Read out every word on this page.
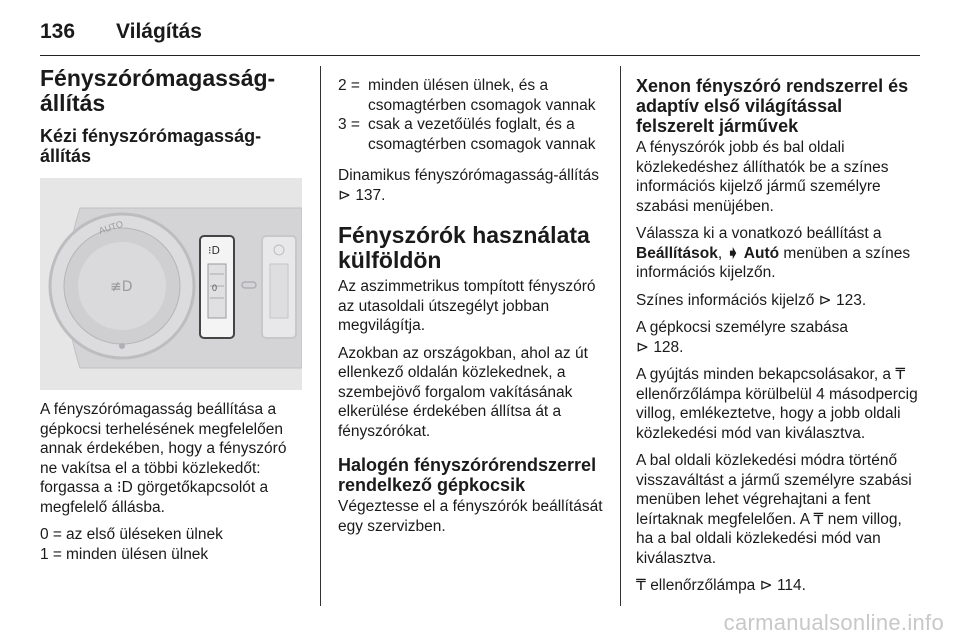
136 Világítás
Fényszórómagasság-
állítás
Kézi fényszórómagasság-
állítás
AUTO
≢D	0
⁝D

A fényszórómagasság beállítása a gépkocsi terhelésének megfelelően annak érdekében, hogy a fényszóró ne vakítsa el a többi közlekedőt: forgassa a ⁝D görgetőkapcsolót a megfelelő állásba.

0 = az első üléseken ülnek
1 = minden ülésen ülnek
2 = minden ülésen ülnek, és a csomagtérben csomagok vannak
3 = csak a vezetőülés foglalt, és a csomagtérben csomagok vannak

Dinamikus fényszórómagasság-állítás ⊳ 137.

Fényszórók használata külföldön

Az aszimmetrikus tompított fényszóró az utasoldali útszegélyt jobban megvilágítja.

Azokban az országokban, ahol az út ellenkező oldalán közlekednek, a szembejövő forgalom vakításának elkerülése érdekében állítsa át a fényszórókat.

Halogén fényszórórendszerrel rendelkező gépkocsik

Végeztesse el a fényszórók beállítását egy szervizben.

Xenon fényszóró rendszerrel és adaptív első világítással felszerelt járművek

A fényszórók jobb és bal oldali közlekedéshez állíthatók be a színes információs kijelző jármű személyre szabási menüjében.

Válassza ki a vonatkozó beállítást a Beállítások, ➧ Autó menüben a színes információs kijelzőn.

Színes információs kijelző ⊳ 123.

A gépkocsi személyre szabása
⊳ 128.

A gyújtás minden bekapcsolásakor, a ₸ ellenőrzőlámpa körülbelül 4 másodpercig villog, emlékeztetve, hogy a jobb oldali közlekedési mód van kiválasztva.

A bal oldali közlekedési módra történő visszaváltást a jármű személyre szabási menüben lehet végrehajtani a fent leírtaknak megfelelően. A ₸ nem villog, ha a bal oldali közlekedési mód van kiválasztva.

₸ ellenőrzőlámpa ⊳ 114.

carmanualsonline.info
